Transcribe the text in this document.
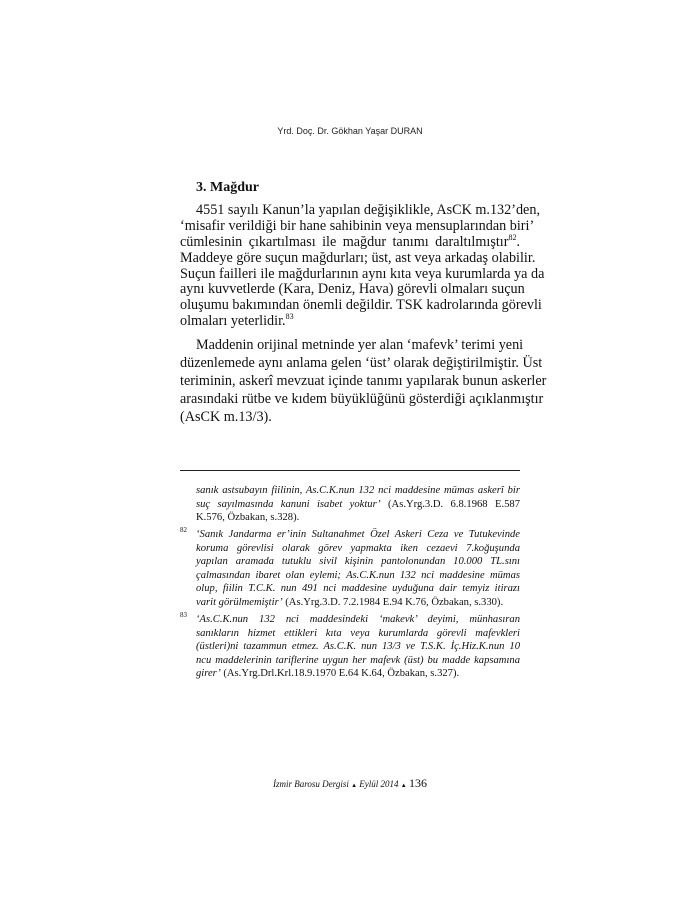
Yrd. Doç. Dr. Gökhan Yaşar DURAN
3. Mağdur
4551 sayılı Kanun’la yapılan değişiklikle, AsCK m.132’den,
‘misafir verildiği bir hane sahibinin veya mensuplarından biri’
cümlesinin çıkartılması ile mağdur tanımı daraltılmıştır$^{82}$.
Maddeye göre suçun mağdurları; üst, ast veya arkadaş olabilir.
Suçun failleri ile mağdurlarının aynı kıta veya kurumlarda ya da
aynı kuvvetlerde (Kara, Deniz, Hava) görevli olmaları suçun
oluşumu bakımından önemli değildir. TSK kadrolarında görevli
olmaları yeterlidir.$^{83}$
Maddenin orijinal metninde yer alan ‘mafevk’ terimi yeni
düzenlemede aynı anlama gelen ‘üst’ olarak değiştirilmiştir. Üst
teriminin, askerî mevzuat içinde tanımı yapılarak bunun askerler
arasındaki rütbe ve kıdem büyüklüğünü gösterdiği açıklanmıştır
(AsCK m.13/3).
sanık astsubayın fiilinin, As.C.K.nun 132 nci maddesine mümas askerî bir
suç sayılmasında kanuni isabet yoktur’ (As.Yrg.3.D. 6.8.1968 E.587
K.576, Özbakan, s.328).
82 ‘Sanık Jandarma er’inin Sultanahmet Özel Askeri Ceza ve Tutukevinde
koruma görevlisi olarak görev yapmakta iken cezaevi 7.koğuşunda
yapılan aramada tutuklu sivil kişinin pantolonundan 10.000 TL.sını
çalmasından ibaret olan eylemi; As.C.K.nun 132 nci maddesine mümas
olup, fiilin T.C.K. nun 491 nci maddesine uyduğuna dair temyiz itirazı
varit görülmemiştir’ (As.Yrg.3.D. 7.2.1984 E.94 K.76, Özbakan, s.330).
83 ‘As.C.K.nun 132 nci maddesindeki ‘makevk’ deyimi, münhasıran
sanıkların hizmet ettikleri kıta veya kurumlarda görevli mafevkleri
(üstleri)ni tazammun etmez. As.C.K. nun 13/3 ve T.S.K. İç.Hiz.K.nun 10
ncu maddelerinin tariflerine uygun her mafevk (üst) bu madde kapsamına
girer’ (As.Yrg.Drl.Krl.18.9.1970 E.64 K.64, Özbakan, s.327).
İzmir Barosu Dergisi ▲ Eylül 2014 ▲ 136
